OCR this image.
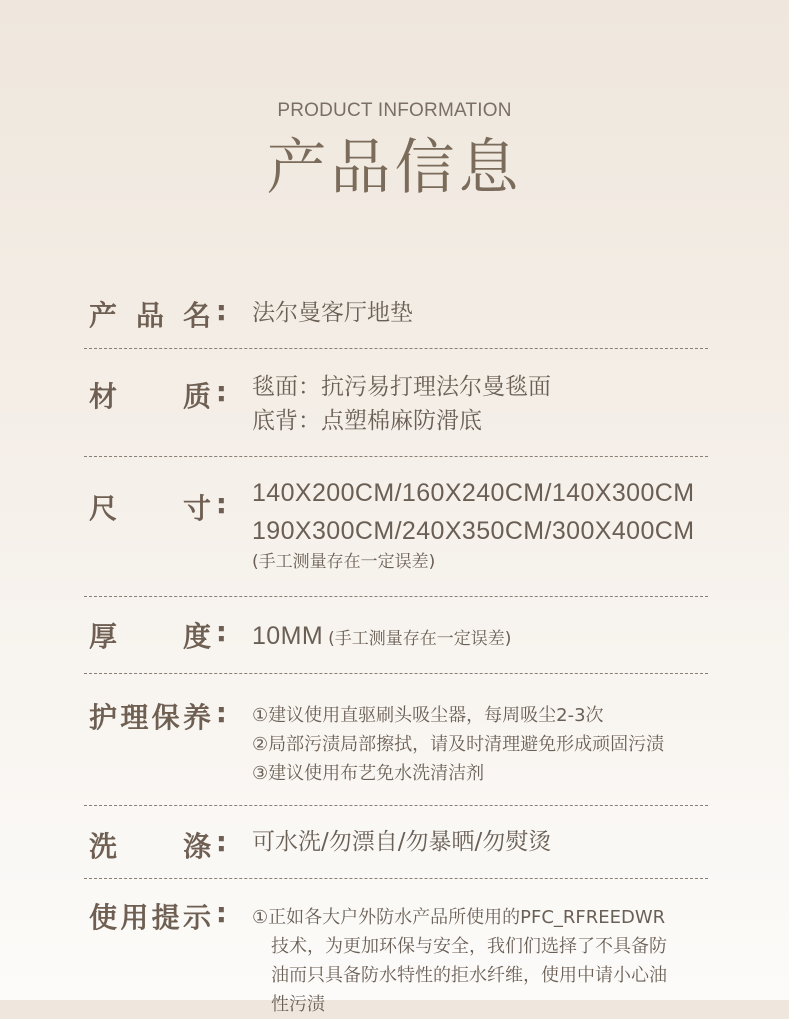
PRODUCT INFORMATION
产品信息
产 品 名 : 法尔曼客厅地垫
材 质 : 毯面：抗污易打理法尔曼毯面
底背：点塑棉麻防滑底
尺 寸 : 140X200CM/160X240CM/140X300CM
190X300CM/240X350CM/300X400CM
(手工测量存在一定误差)
厚 度 : 10MM (手工测量存在一定误差)
护 理 保 养 : ①建议使用直驱刷头吸尘器，每周吸尘2-3次
②局部污渍局部擦拭，请及时清理避免形成顽固污渍
③建议使用布艺免水洗清洁剂
洗 涤 : 可水洗/勿漂自/勿暴晒/勿熨烫
使 用 提 示 : ①正如各大户外防水产品所使用的PFC_RFREEDWR
技术，为更加环保与安全，我们们选择了不具备防
油而只具备防水特性的拒水纤维，使用中请小心油
性污渍
